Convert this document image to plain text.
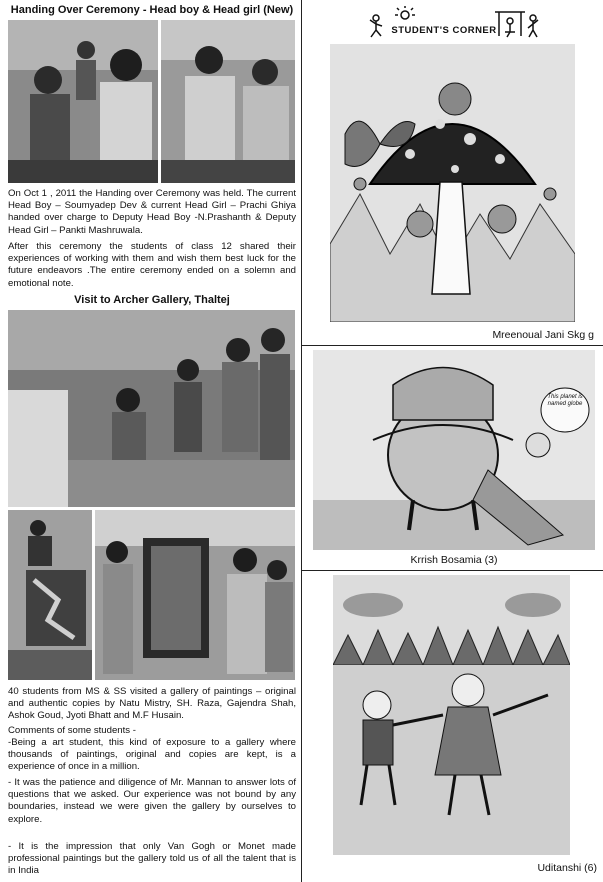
Handing Over Ceremony - Head boy & Head girl (New)
On Oct 1 , 2011 the Handing over Ceremony was held. The current Head Boy – Soumyadep Dev & current Head Girl – Prachi Ghiya handed over charge to Deputy Head Boy -N.Prashanth & Deputy Head Girl – Pankti Mashruwala.
After this ceremony the students of class 12 shared their experiences of working with them and wish them best luck for the future endeavors .The entire ceremony ended on a solemn and emotional note.
Visit to Archer Gallery, Thaltej
40 students from MS & SS visited a gallery of paintings – original and authentic copies by Natu Mistry, SH. Raza, Gajendra Shah, Ashok Goud, Jyoti Bhatt and M.F Husain.
Comments of some students -
-Being a art student, this kind of exposure to a gallery where thousands of paintings, original and copies are kept, is a experience of once in a million.
- It was the patience and diligence of Mr. Mannan to answer lots of questions that we asked. Our experience was not bound by any boundaries, instead we were given the gallery by ourselves to explore.
- It is the impression that only Van Gogh or Monet made professional paintings but the gallery told us of all the talent that is in India
STUDENT'S CORNER
Mreenoual Jani Skg g
This planet is named globe
Krrish Bosamia (3)
Uditanshi (6)
